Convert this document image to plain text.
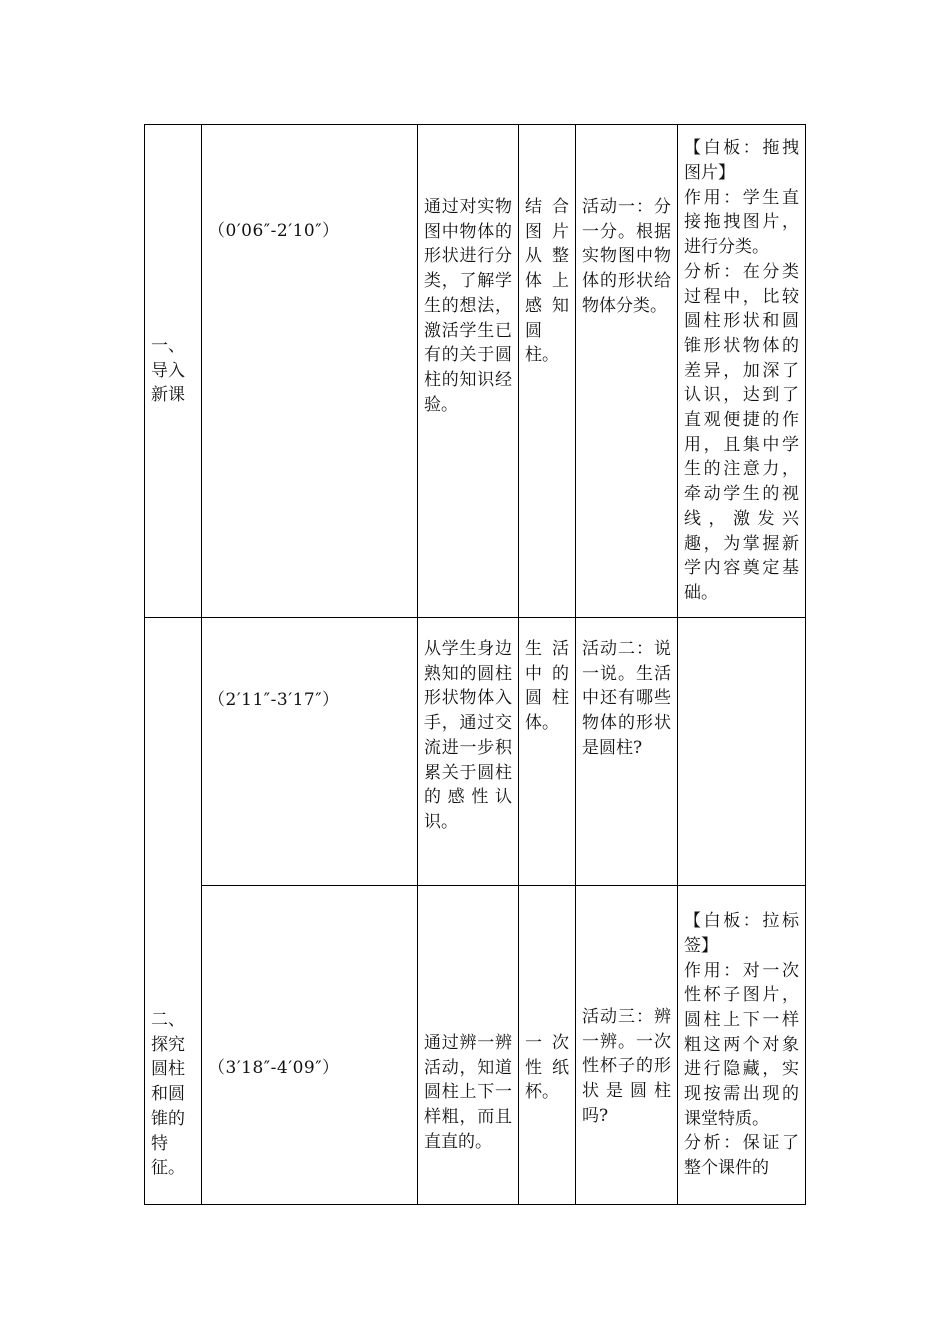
一、导入新课	（0′06″-2′10″）	通过对实物图中物体的形状进行分类，了解学生的想法，激活学生已有的关于圆柱的知识经验。	结合图片从整体上感知圆柱。	活动一：分一分。根据实物图中物体的形状给物体分类。	【白板：拖拽图片】
作用：学生直接拖拽图片，进行分类。
分析：在分类过程中，比较圆柱形状和圆锥形状物体的差异，加深了认识，达到了直观便捷的作用，且集中学生的注意力，牵动学生的视线，激发兴趣，为掌握新学内容奠定基础。

二、探究圆柱和圆锥的特征。	（2′11″-3′17″）	从学生身边熟知的圆柱形状物体入手，通过交流进一步积累关于圆柱的感性认识。	生活中的圆柱体。	活动二：说一说。生活中还有哪些物体的形状是圆柱?	

	（3′18″-4′09″）	通过辨一辨活动，知道圆柱上下一样粗，而且直直的。	一次性纸杯。	活动三：辨一辨。一次性杯子的形状是圆柱吗?	【白板：拉标签】
作用：对一次性杯子图片，圆柱上下一样粗这两个对象进行隐藏，实现按需出现的课堂特质。
分析：保证了整个课件的
